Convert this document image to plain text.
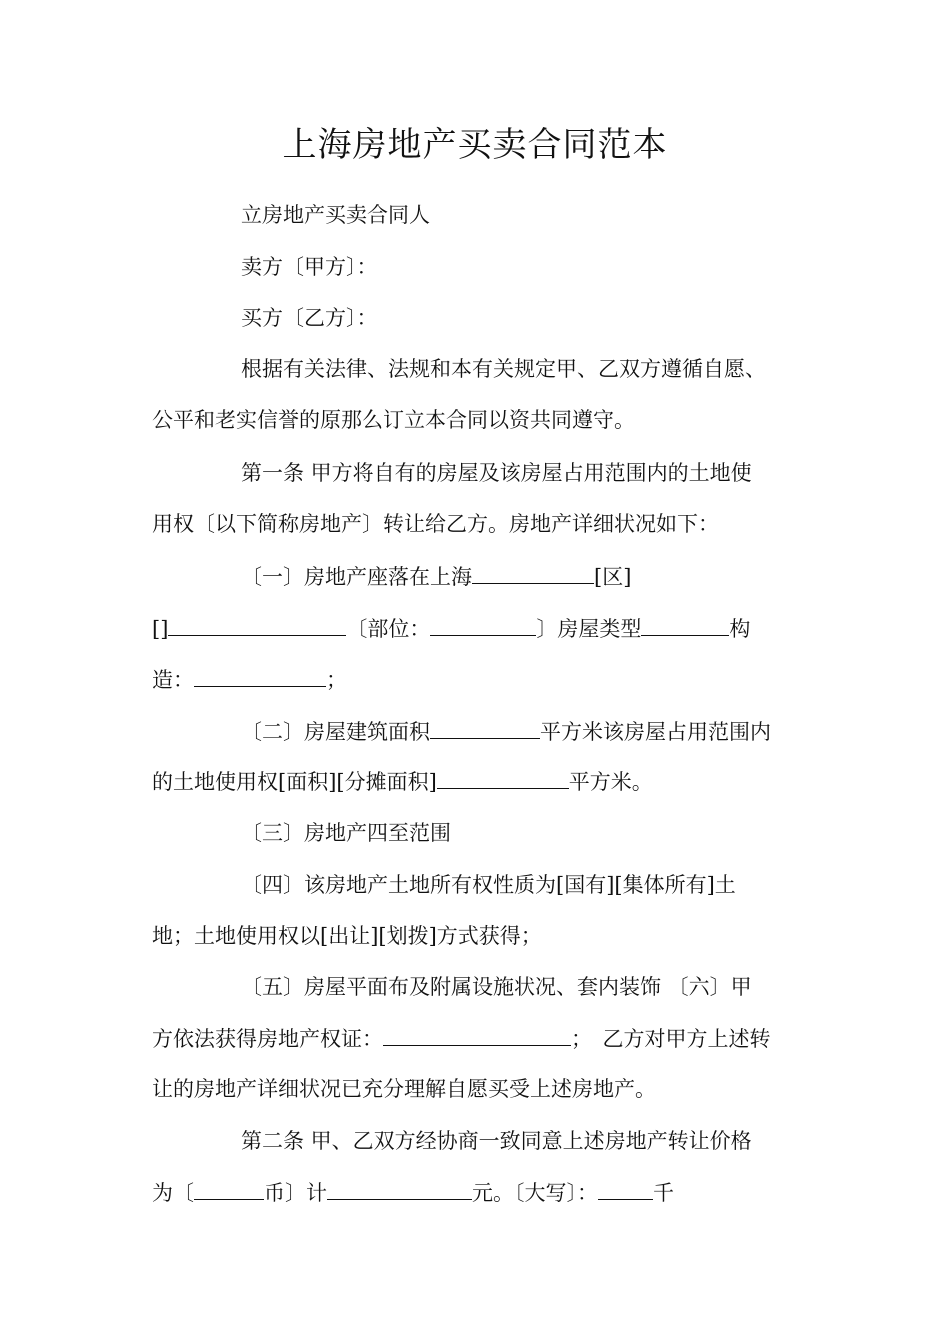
上海房地产买卖合同范本
立房地产买卖合同人
卖方〔甲方〕：
买方〔乙方〕：
根据有关法律、法规和本有关规定甲、乙双方遵循自愿、
公平和老实信誉的原那么订立本合同以资共同遵守。
第一条 甲方将自有的房屋及该房屋占用范围内的土地使
用权〔以下简称房地产〕转让给乙方。房地产详细状况如下：
〔一〕房地产座落在上海	[区]
[]	〔部位：	〕房屋类型	构
造：	；
〔二〕房屋建筑面积	平方米该房屋占用范围内
的土地使用权[面积][分摊面积]	平方米。
〔三〕房地产四至范围
〔四〕该房地产土地所有权性质为[国有][集体所有]土
地；土地使用权以[出让][划拨]方式获得；
〔五〕房屋平面布及附属设施状况、套内装饰 〔六〕甲
方依法获得房地产权证：	；　乙方对甲方上述转
让的房地产详细状况已充分理解自愿买受上述房地产。
第二条 甲、乙双方经协商一致同意上述房地产转让价格
为〔	币〕计	元。〔大写〕：	千
